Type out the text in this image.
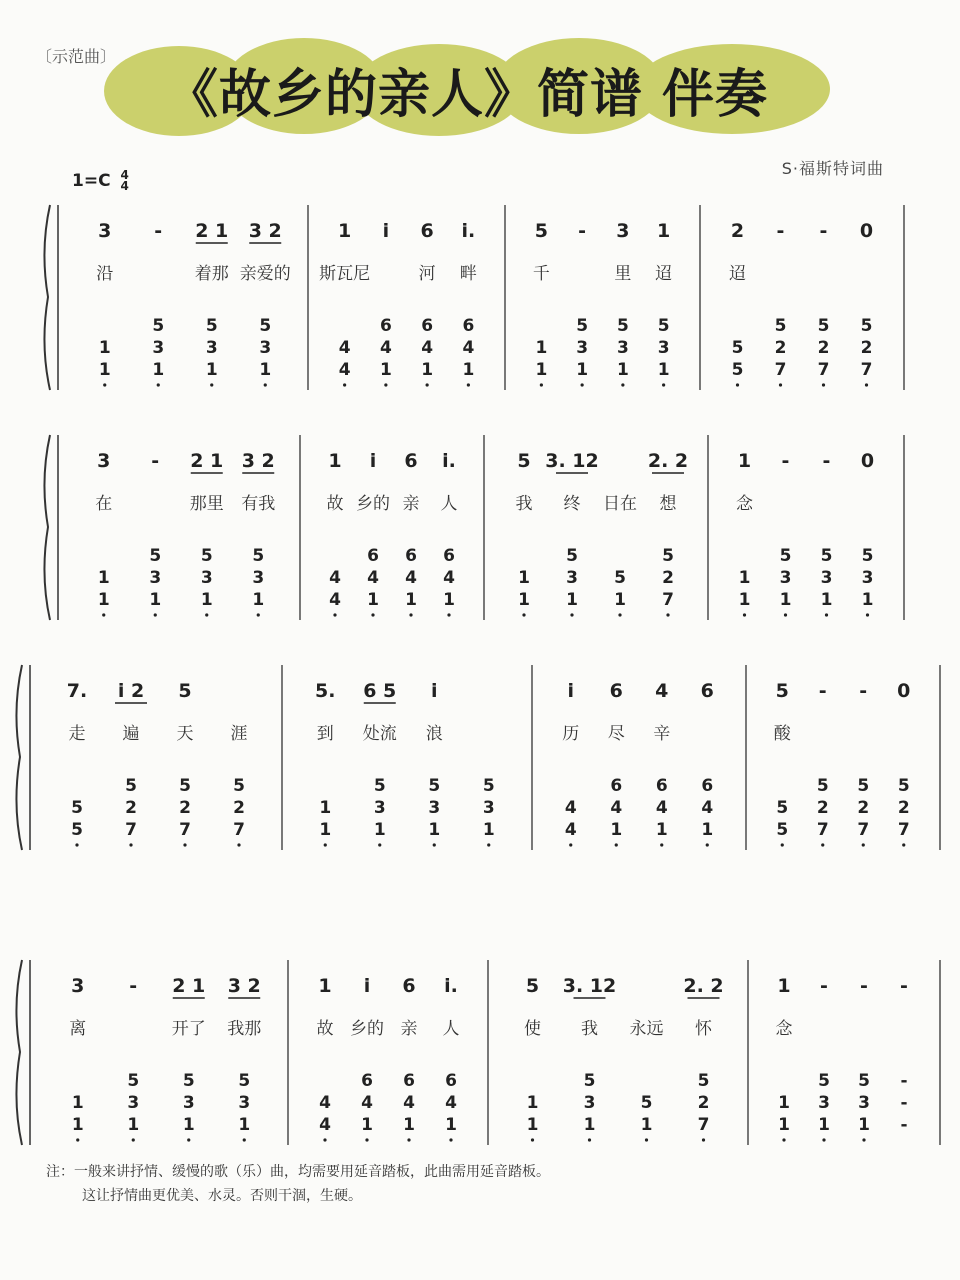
〔示范曲〕
《故乡的亲人》简谱 伴奏
1=C 4
4
S·福斯特词曲
3
沿
1
1
-
5
3
1
2 1
着那
5
3
1
3 2
亲爱的
5
3
1
1
斯瓦尼
4
4
i
6
4
1
6
河
6
4
1
i.
畔
6
4
1
5
千
1
1
-
5
3
1
3
里
5
3
1
1
迢
5
3
1
2
迢
5
5
-
5
2
7
-
5
2
7
0
5
2
7
3
在
1
1
-
5
3
1
2 1
那里
5
3
1
3 2
有我
5
3
1
1
故
4
4
i
乡的
6
4
1
6
亲
6
4
1
i.
人
6
4
1
5
我
1
1
3. 12
终
5
3
1
日在
5
1
2. 2
想
5
2
7
1
念
1
1
-
5
3
1
-
5
3
1
0
5
3
1
7.
走
5
5
i 2
遍
5
2
7
5
天
5
2
7
涯
5
2
7
5.
到
1
1
6 5
处流
5
3
1
i
浪
5
3
1
5
3
1
i
历
4
4
6
尽
6
4
1
4
辛
6
4
1
6
6
4
1
5
酸
5
5
-
5
2
7
-
5
2
7
0
5
2
7
3
离
1
1
-
5
3
1
2 1
开了
5
3
1
3 2
我那
5
3
1
1
故
4
4
i
乡的
6
4
1
6
亲
6
4
1
i.
人
6
4
1
5
使
1
1
3. 12
我
5
3
1
永远
5
1
2. 2
怀
5
2
7
1
念
1
1
-
5
3
1
-
5
3
1
-
-
-
-
注：一般来讲抒情、缓慢的歌（乐）曲，均需要用延音踏板，此曲需用延音踏板。
这让抒情曲更优美、水灵。否则干涸，生硬。
